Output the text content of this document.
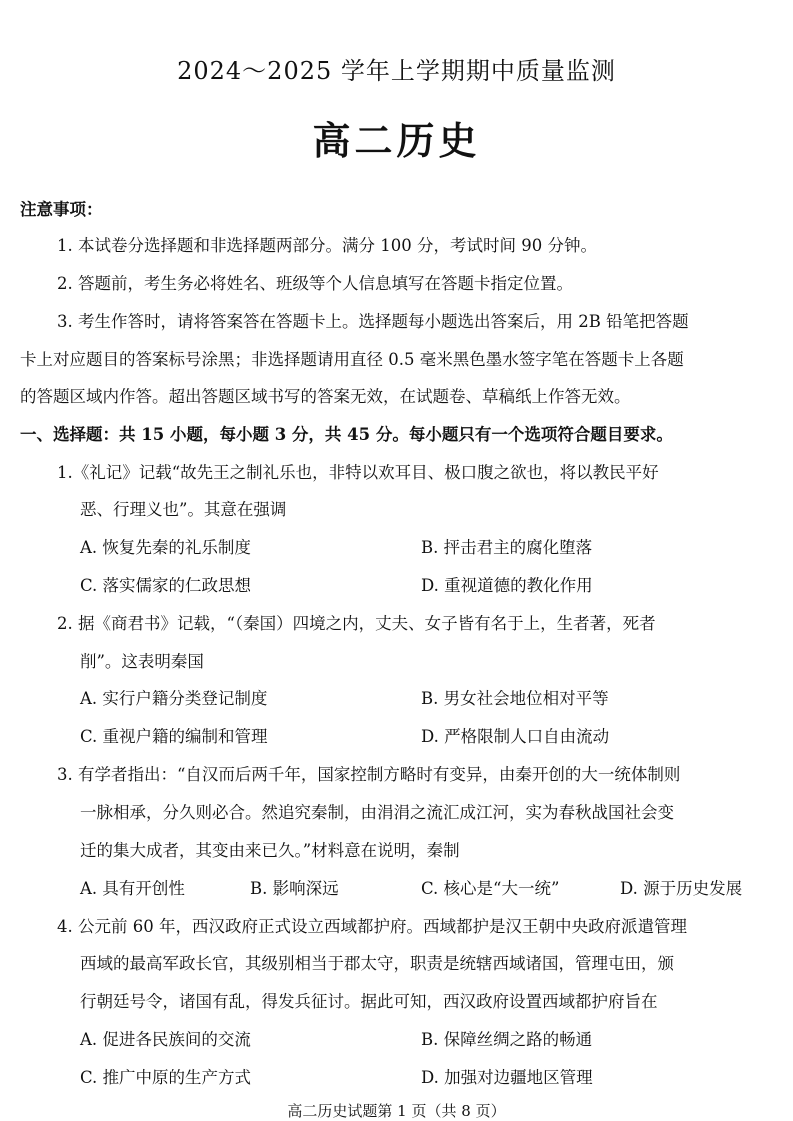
2024～2025 学年上学期期中质量监测
高二历史
注意事项：
1. 本试卷分选择题和非选择题两部分。满分 100 分，考试时间 90 分钟。
2. 答题前，考生务必将姓名、班级等个人信息填写在答题卡指定位置。
3. 考生作答时，请将答案答在答题卡上。选择题每小题选出答案后，用 2B 铅笔把答题
卡上对应题目的答案标号涂黑；非选择题请用直径 0.5 毫米黑色墨水签字笔在答题卡上各题
的答题区域内作答。超出答题区域书写的答案无效，在试题卷、草稿纸上作答无效。
一、选择题：共 15 小题，每小题 3 分，共 45 分。每小题只有一个选项符合题目要求。
1.《礼记》记载“故先王之制礼乐也，非特以欢耳目、极口腹之欲也，将以教民平好
恶、行理义也”。其意在强调
A. 恢复先秦的礼乐制度	B. 抨击君主的腐化堕落
C. 落实儒家的仁政思想	D. 重视道德的教化作用
2. 据《商君书》记载，“（秦国）四境之内，丈夫、女子皆有名于上，生者著，死者
削”。这表明秦国
A. 实行户籍分类登记制度	B. 男女社会地位相对平等
C. 重视户籍的编制和管理	D. 严格限制人口自由流动
3. 有学者指出：“自汉而后两千年，国家控制方略时有变异，由秦开创的大一统体制则
一脉相承，分久则必合。然追究秦制，由涓涓之流汇成江河，实为春秋战国社会变
迁的集大成者，其变由来已久。”材料意在说明，秦制
A. 具有开创性	B. 影响深远	C. 核心是“大一统”	D. 源于历史发展
4. 公元前 60 年，西汉政府正式设立西域都护府。西域都护是汉王朝中央政府派遣管理
西域的最高军政长官，其级别相当于郡太守，职责是统辖西域诸国，管理屯田，颁
行朝廷号令，诸国有乱，得发兵征讨。据此可知，西汉政府设置西域都护府旨在
A. 促进各民族间的交流	B. 保障丝绸之路的畅通
C. 推广中原的生产方式	D. 加强对边疆地区管理
高二历史试题第 1 页（共 8 页）
